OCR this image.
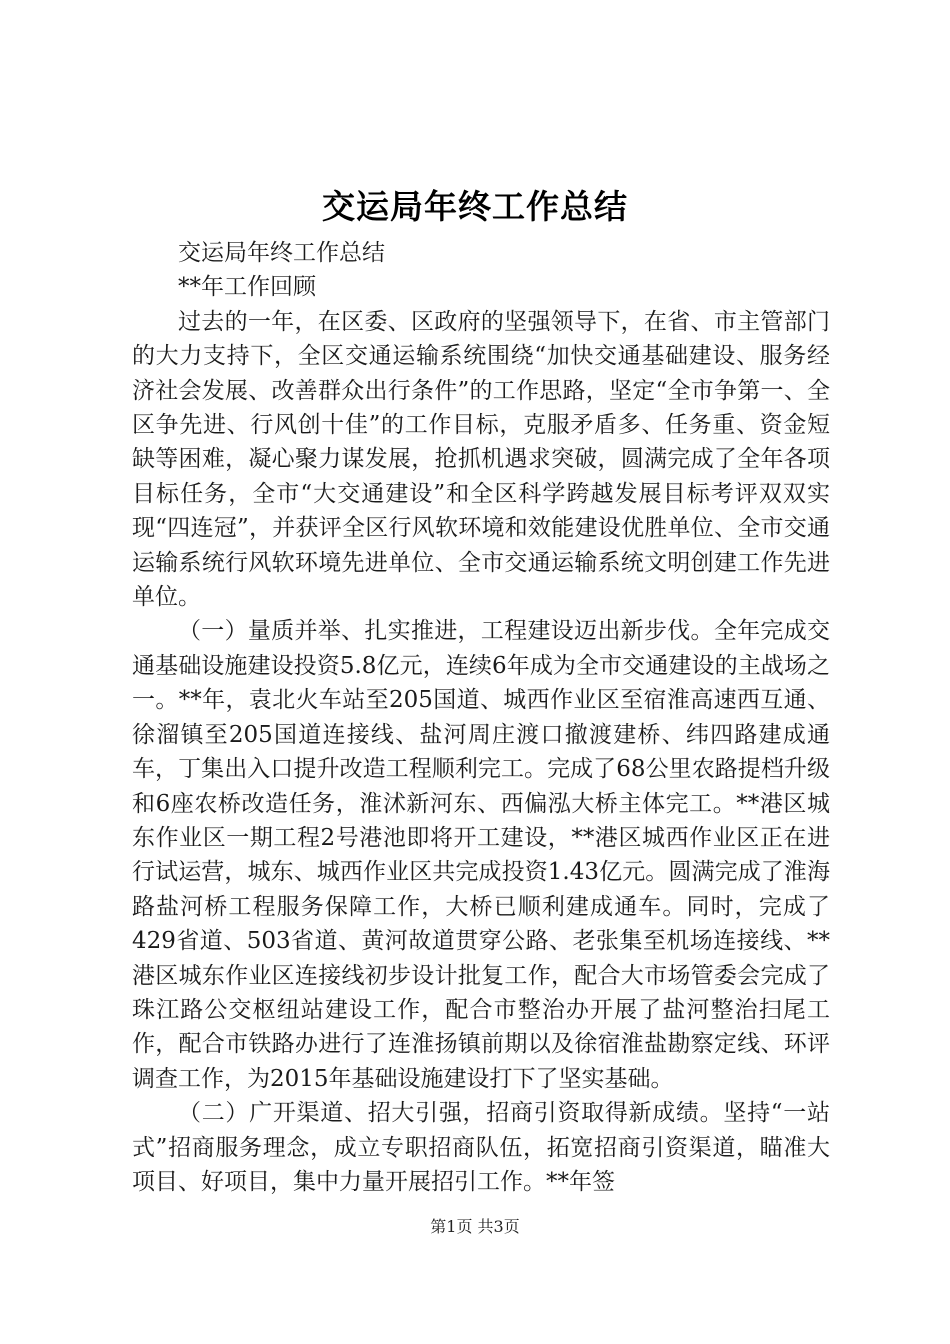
交运局年终工作总结

交运局年终工作总结

**年工作回顾

过去的一年，在区委、区政府的坚强领导下，在省、市主管部门的大力支持下，全区交通运输系统围绕“加快交通基础建设、服务经济社会发展、改善群众出行条件”的工作思路，坚定“全市争第一、全区争先进、行风创十佳”的工作目标，克服矛盾多、任务重、资金短缺等困难，凝心聚力谋发展，抢抓机遇求突破，圆满完成了全年各项目标任务，全市“大交通建设”和全区科学跨越发展目标考评双双实现“四连冠”，并获评全区行风软环境和效能建设优胜单位、全市交通运输系统行风软环境先进单位、全市交通运输系统文明创建工作先进单位。

（一）量质并举、扎实推进，工程建设迈出新步伐。全年完成交通基础设施建设投资5.8亿元，连续6年成为全市交通建设的主战场之一。**年，袁北火车站至205国道、城西作业区至宿淮高速西互通、徐溜镇至205国道连接线、盐河周庄渡口撤渡建桥、纬四路建成通车，丁集出入口提升改造工程顺利完工。完成了68公里农路提档升级和6座农桥改造任务，淮沭新河东、西偏泓大桥主体完工。**港区城东作业区一期工程2号港池即将开工建设，**港区城西作业区正在进行试运营，城东、城西作业区共完成投资1.43亿元。圆满完成了淮海路盐河桥工程服务保障工作，大桥已顺利建成通车。同时，完成了429省道、503省道、黄河故道贯穿公路、老张集至机场连接线、**港区城东作业区连接线初步设计批复工作，配合大市场管委会完成了珠江路公交枢纽站建设工作，配合市整治办开展了盐河整治扫尾工作，配合市铁路办进行了连淮扬镇前期以及徐宿淮盐勘察定线、环评调查工作，为2015年基础设施建设打下了坚实基础。

（二）广开渠道、招大引强，招商引资取得新成绩。坚持“一站式”招商服务理念，成立专职招商队伍，拓宽招商引资渠道，瞄准大项目、好项目，集中力量开展招引工作。**年签

第1页 共3页
